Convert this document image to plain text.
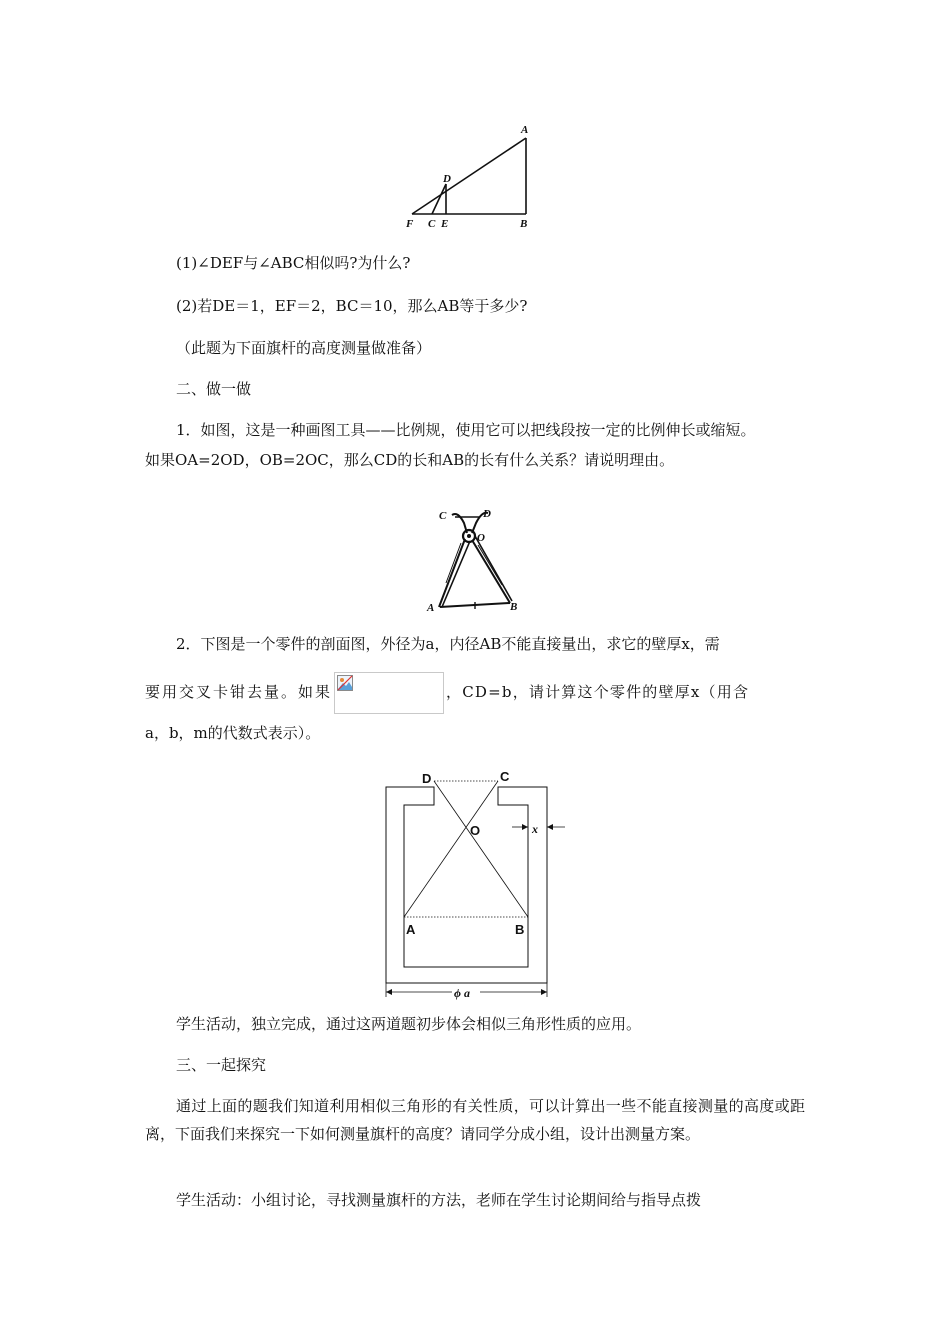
A
D
F C E	B
(1)∠DEF与∠ABC相似吗?为什么?
(2)若DE＝1，EF＝2，BC＝10，那么AB等于多少?
（此题为下面旗杆的高度测量做准备）
二、做一做
1．如图，这是一种画图工具——比例规，使用它可以把线段按一定的比例伸长或缩短。
如果OA=2OD，OB=2OC，那么CD的长和AB的长有什么关系？请说明理由。
C	D
O
A	B
2．下图是一个零件的剖面图，外径为a，内径AB不能直接量出，求它的壁厚x，需
要用交叉卡钳去量。如果	，CD=b，请计算这个零件的壁厚x（用含
a，b，m的代数式表示）。
D	C
O	x
A	B
ϕ a
学生活动，独立完成，通过这两道题初步体会相似三角形性质的应用。
三、一起探究
通过上面的题我们知道利用相似三角形的有关性质，可以计算出一些不能直接测量的高度或距离，下面我们来探究一下如何测量旗杆的高度？请同学分成小组，设计出测量方案。
学生活动：小组讨论，寻找测量旗杆的方法，老师在学生讨论期间给与指导点拨
